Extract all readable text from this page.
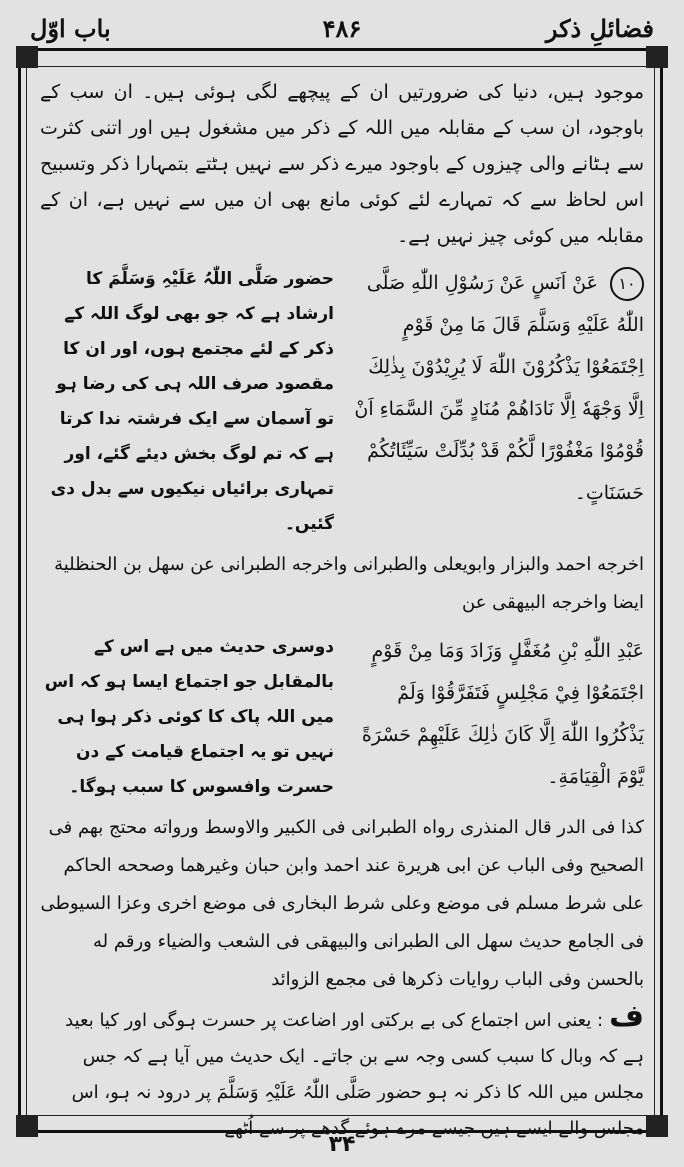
فضائلِ ذکر
۴۸۶
باب اوّل

موجود ہیں، دنیا کی ضرورتیں ان کے پیچھے لگی ہوئی ہیں۔ ان سب کے باوجود، ان سب کے مقابلہ میں اللہ کے ذکر میں مشغول ہیں اور اتنی کثرت سے ہٹانے والی چیزوں کے باوجود میرے ذکر سے نہیں ہٹتے بتمہارا ذکر وتسبیح اس لحاظ سے کہ تمہارے لئے کوئی مانع بھی ان میں سے نہیں ہے، ان کے مقابلہ میں کوئی چیز نہیں ہے۔

١٠ عَنْ اَنَسٍ عَنْ رَسُوْلِ اللّٰهِ صَلَّى اللّٰهُ عَلَيْهِ وَسَلَّمَ قَالَ مَا مِنْ قَوْمٍ اِجْتَمَعُوْا يَذْكُرُوْنَ اللّٰهَ لَا يُرِيْدُوْنَ بِذٰلِكَ اِلَّا وَجْهَهٗ اِلَّا نَادَاهُمْ مُنَادٍ مِّنَ السَّمَاءِ اَنْ قُوْمُوْا مَغْفُوْرًا لَّكُمْ قَدْ بُدِّلَتْ سَيِّئَاتُكُمْ حَسَنَاتٍ۔
حضور صَلَّی اللّٰہُ عَلَیْہِ وَسَلَّمَ کا ارشاد ہے کہ جو بھی لوگ اللہ کے ذکر کے لئے مجتمع ہوں، اور ان کا مقصود صرف اللہ ہی کی رضا ہو تو آسمان سے ایک فرشتہ ندا کرتا ہے کہ تم لوگ بخش دیئے گئے، اور تمہاری برائیاں نیکیوں سے بدل دی گئیں۔

اخرجه احمد والبزار وابويعلى والطبرانى واخرجه الطبرانى عن سهل بن الحنظلية ايضا واخرجه البيهقى عن

عَبْدِ اللّٰهِ بْنِ مُغَفَّلٍ وَزَادَ وَمَا مِنْ قَوْمٍ اجْتَمَعُوْا فِيْ مَجْلِسٍ فَتَفَرَّقُوْا وَلَمْ يَذْكُرُوا اللّٰهَ اِلَّا كَانَ ذٰلِكَ عَلَيْهِمْ حَسْرَةً يَّوْمَ الْقِيَامَةِ۔
دوسری حدیث میں ہے اس کے بالمقابل جو اجتماع ایسا ہو کہ اس میں اللہ پاک کا کوئی ذکر ہوا ہی نہیں تو یہ اجتماع قیامت کے دن حسرت وافسوس کا سبب ہوگا۔

كذا فى الدر قال المنذرى رواه الطبرانى فى الكبير والاوسط ورواته محتج بهم فى الصحيح وفى الباب عن ابى هريرة عند احمد وابن حبان وغيرهما وصححه الحاكم على شرط مسلم فى موضع وعلى شرط البخارى فى موضع اخرى وعزا السيوطى فى الجامع حديث سهل الى الطبرانى والبيهقى فى الشعب والضياء ورقم له بالحسن وفى الباب روايات ذكرها فى مجمع الزوائد

ف: یعنی اس اجتماع کی بے برکتی اور اضاعت پر حسرت ہوگی اور کیا بعید ہے کہ وبال کا سبب کسی وجہ سے بن جاتے۔ ایک حدیث میں آیا ہے کہ جس مجلس میں اللہ کا ذکر نہ ہو حضور صَلَّی اللّٰہُ عَلَیْہِ وَسَلَّمَ پر درود نہ ہو، اس مجلس والے ایسے ہیں جیسے مرے ہوئے گدھے پر سے اُٹھے

۳۴
